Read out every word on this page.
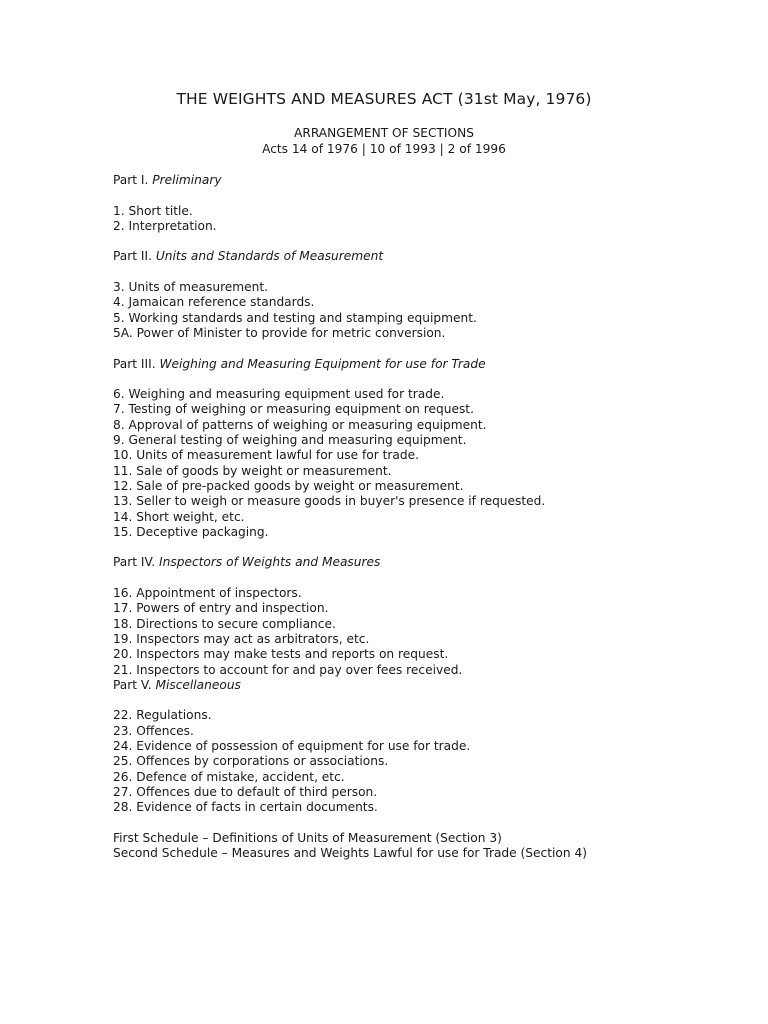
THE WEIGHTS AND MEASURES ACT (31st May, 1976)
ARRANGEMENT OF SECTIONS
Acts 14 of 1976 | 10 of 1993 | 2 of 1996
Part I. Preliminary
1. Short title.
2. Interpretation.
Part II. Units and Standards of Measurement
3. Units of measurement.
4. Jamaican reference standards.
5. Working standards and testing and stamping equipment.
5A. Power of Minister to provide for metric conversion.
Part III. Weighing and Measuring Equipment for use for Trade
6. Weighing and measuring equipment used for trade.
7. Testing of weighing or measuring equipment on request.
8. Approval of patterns of weighing or measuring equipment.
9. General testing of weighing and measuring equipment.
10. Units of measurement lawful for use for trade.
11. Sale of goods by weight or measurement.
12. Sale of pre-packed goods by weight or measurement.
13. Seller to weigh or measure goods in buyer's presence if requested.
14. Short weight, etc.
15. Deceptive packaging.
Part IV. Inspectors of Weights and Measures
16. Appointment of inspectors.
17. Powers of entry and inspection.
18. Directions to secure compliance.
19. Inspectors may act as arbitrators, etc.
20. Inspectors may make tests and reports on request.
21. Inspectors to account for and pay over fees received.
Part V. Miscellaneous
22. Regulations.
23. Offences.
24. Evidence of possession of equipment for use for trade.
25. Offences by corporations or associations.
26. Defence of mistake, accident, etc.
27. Offences due to default of third person.
28. Evidence of facts in certain documents.
First Schedule – Definitions of Units of Measurement (Section 3)
Second Schedule – Measures and Weights Lawful for use for Trade (Section 4)
